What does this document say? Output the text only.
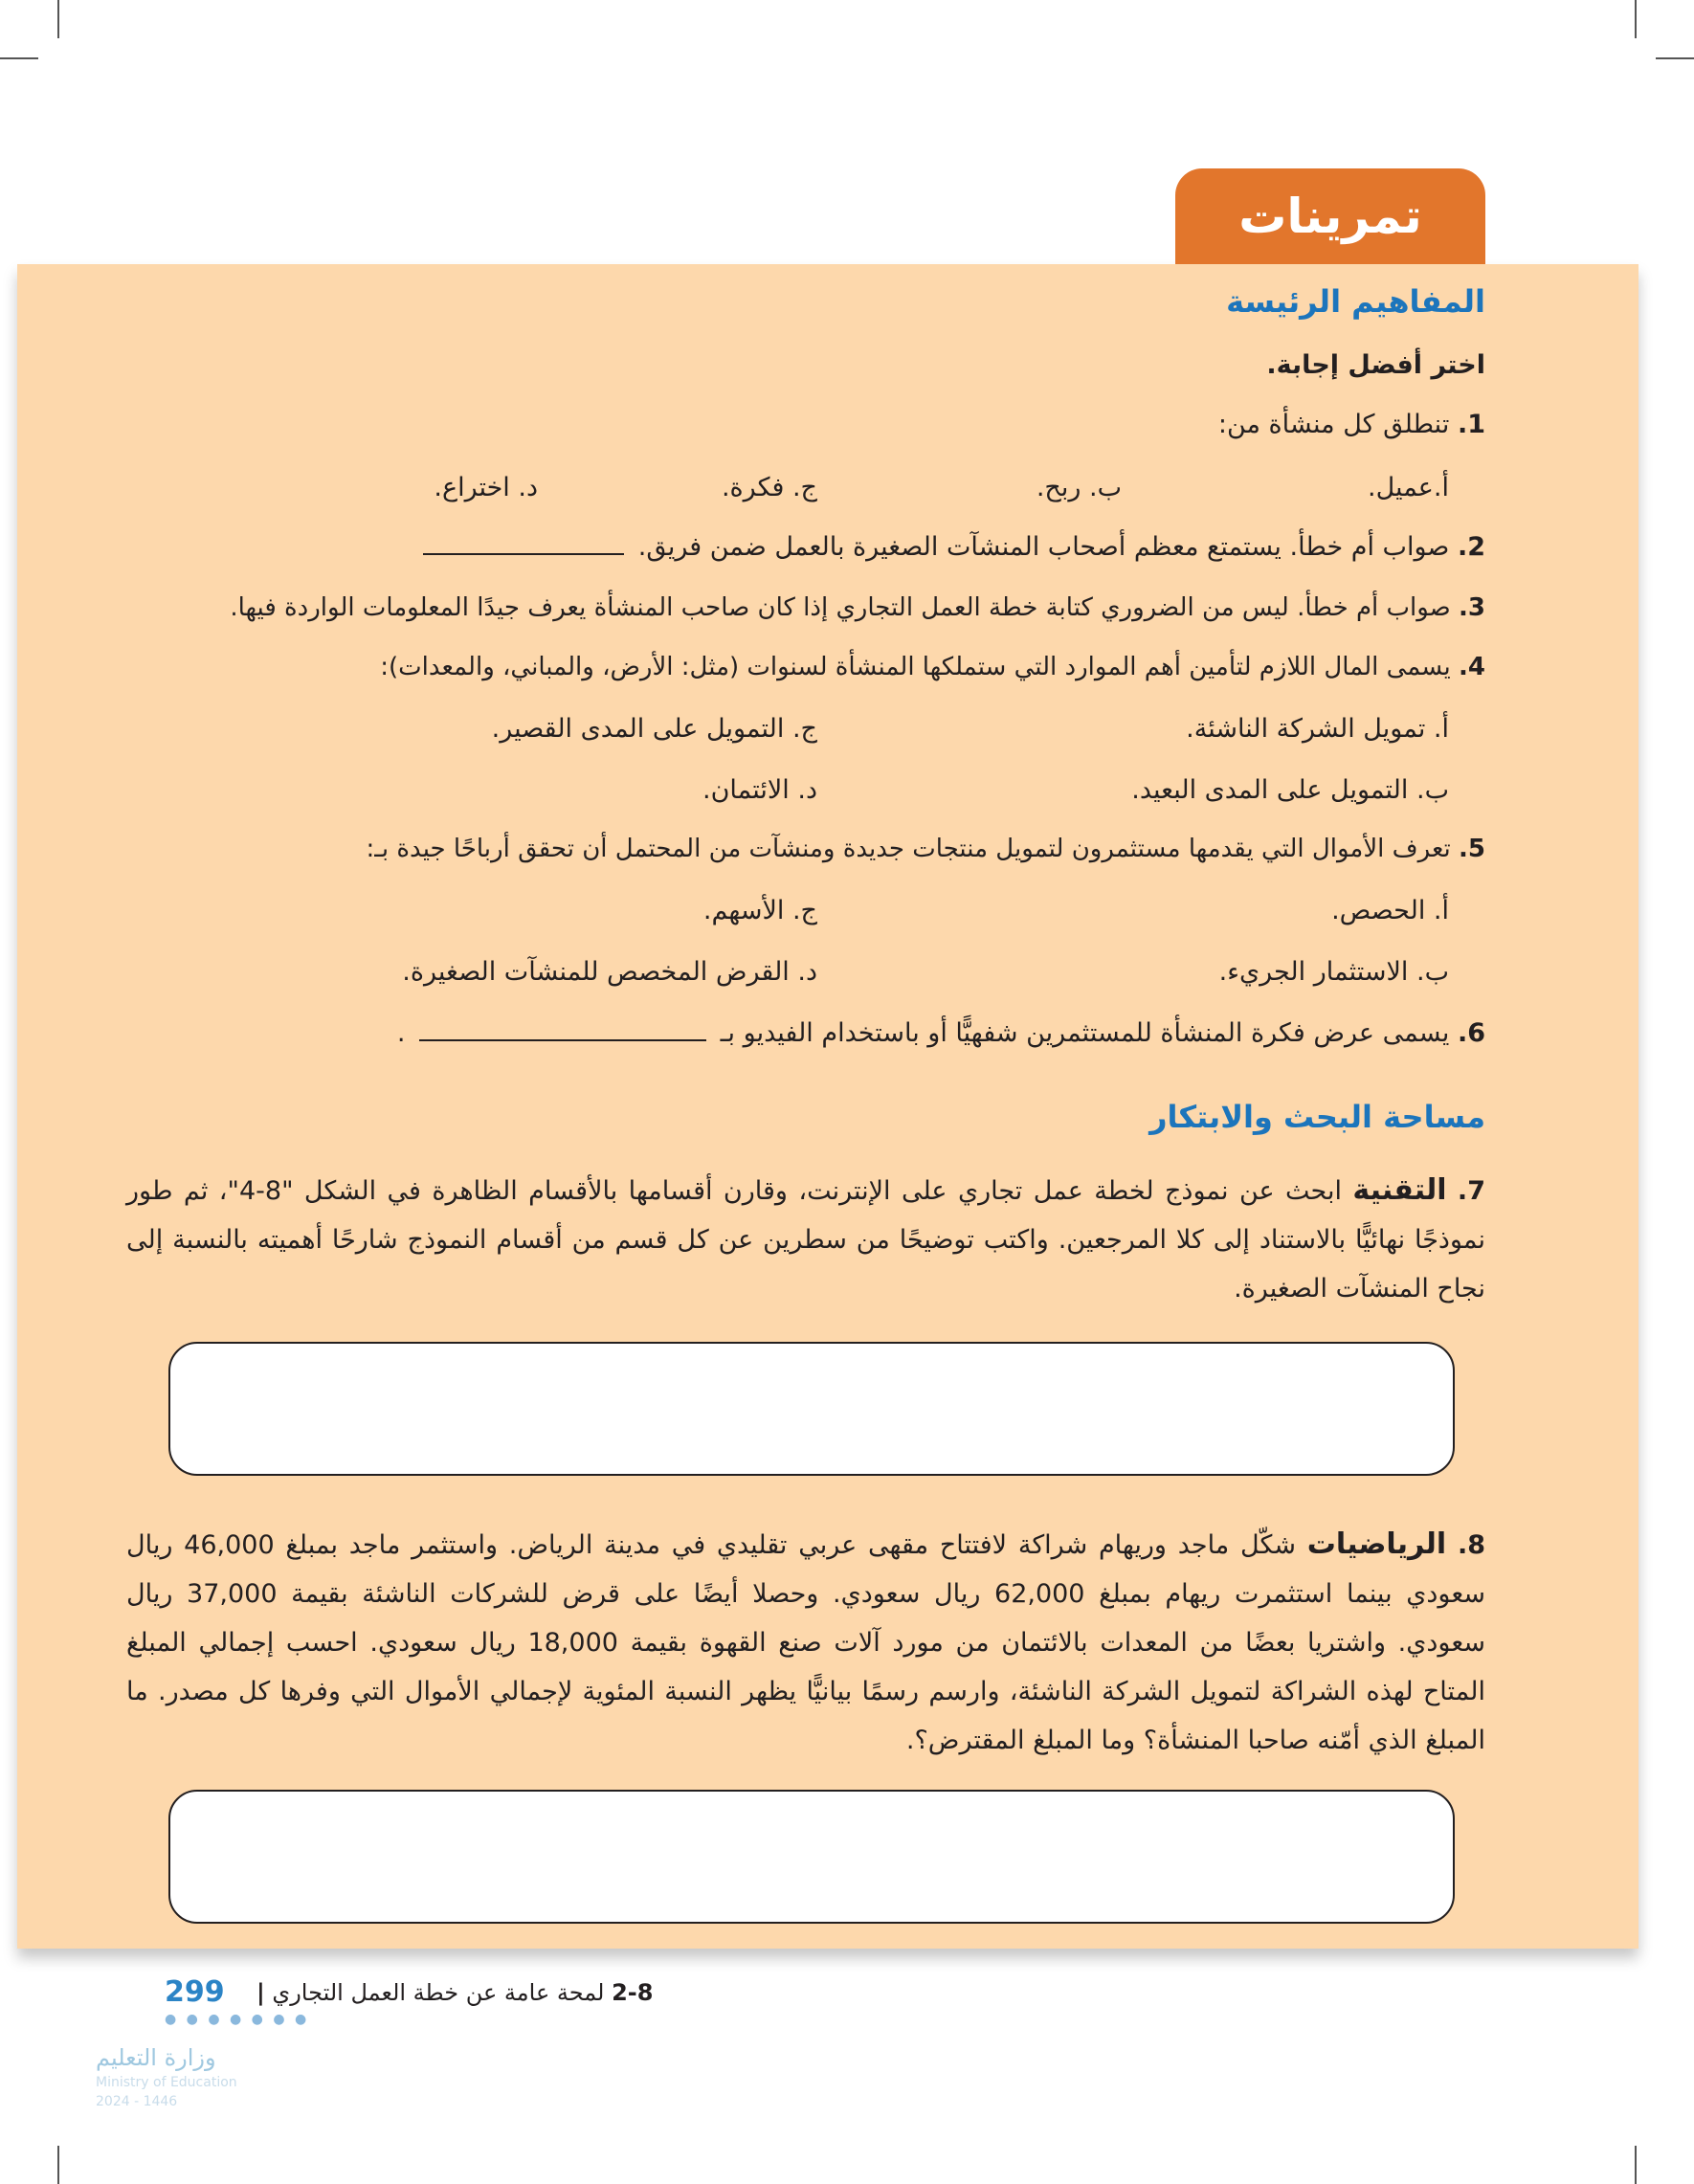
تمرينات
المفاهيم الرئيسة
اختر أفضل إجابة.
1. تنطلق كل منشأة من:
أ.عميل.
ب. ربح.
ج. فكرة.
د. اختراع.
2. صواب أم خطأ. يستمتع معظم أصحاب المنشآت الصغيرة بالعمل ضمن فريق.
3. صواب أم خطأ. ليس من الضروري كتابة خطة العمل التجاري إذا كان صاحب المنشأة يعرف جيدًا المعلومات الواردة فيها.
4. يسمى المال اللازم لتأمين أهم الموارد التي ستملكها المنشأة لسنوات (مثل: الأرض، والمباني، والمعدات):
أ. تمويل الشركة الناشئة.
ج. التمويل على المدى القصير.
ب. التمويل على المدى البعيد.
د. الائتمان.
5. تعرف الأموال التي يقدمها مستثمرون لتمويل منتجات جديدة ومنشآت من المحتمل أن تحقق أرباحًا جيدة بـ:
أ. الحصص.
ج. الأسهم.
ب. الاستثمار الجريء.
د. القرض المخصص للمنشآت الصغيرة.
6. يسمى عرض فكرة المنشأة للمستثمرين شفهيًّا أو باستخدام الفيديو بـ  .
مساحة البحث والابتكار
7. التقنية ابحث عن نموذج لخطة عمل تجاري على الإنترنت، وقارن أقسامها بالأقسام الظاهرة في الشكل "8-4"، ثم طور نموذجًا نهائيًّا بالاستناد إلى كلا المرجعين. واكتب توضيحًا من سطرين عن كل قسم من أقسام النموذج شارحًا أهميته بالنسبة إلى نجاح المنشآت الصغيرة.
8. الرياضيات شكّل ماجد وريهام شراكة لافتتاح مقهى عربي تقليدي في مدينة الرياض. واستثمر ماجد بمبلغ 46,000 ريال سعودي بينما استثمرت ريهام بمبلغ 62,000 ريال سعودي. وحصلا أيضًا على قرض للشركات الناشئة بقيمة 37,000 ريال سعودي. واشتريا بعضًا من المعدات بالائتمان من مورد آلات صنع القهوة بقيمة 18,000 ريال سعودي. احسب إجمالي المبلغ المتاح لهذه الشراكة لتمويل الشركة الناشئة، وارسم رسمًا بيانيًّا يظهر النسبة المئوية لإجمالي الأموال التي وفرها كل مصدر. ما المبلغ الذي أمّنه صاحبا المنشأة؟ وما المبلغ المقترض؟.
2-8 لمحة عامة عن خطة العمل التجاري |
299
● ● ● ● ● ● ●
وزارة التعليم
Ministry of Education
2024 - 1446
